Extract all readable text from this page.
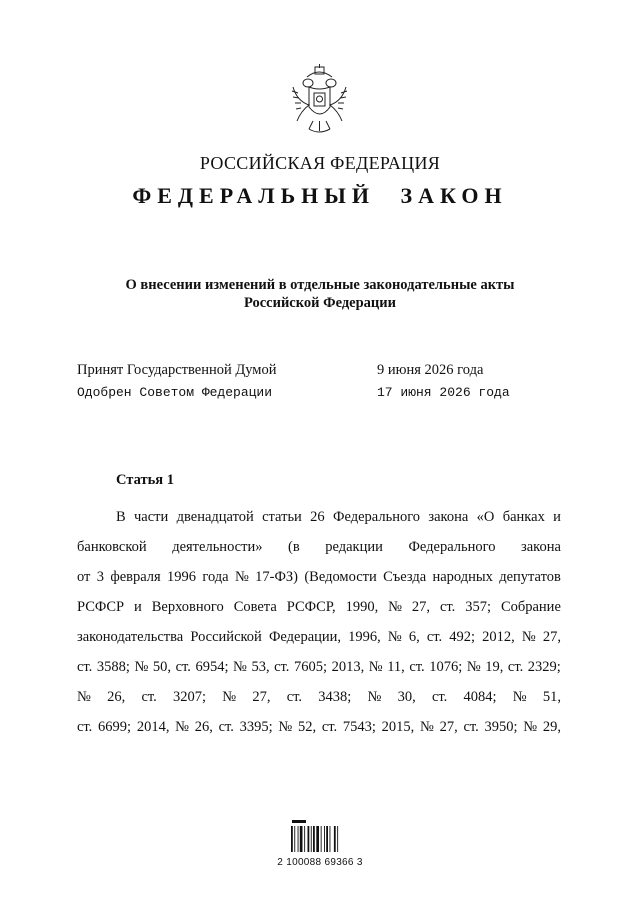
РОССИЙСКАЯ ФЕДЕРАЦИЯ
ФЕДЕРАЛЬНЫЙ ЗАКОН
О внесении изменений в отдельные законодательные акты
Российской Федерации
Принят Государственной Думой	9 июня 2026 года
Одобрен Советом Федерации	17 июня 2026 года
Статья 1
В части двенадцатой статьи 26 Федерального закона «О банках и
банковской деятельности» (в редакции Федерального закона
от 3 февраля 1996 года № 17-ФЗ) (Ведомости Съезда народных депутатов
РСФСР и Верховного Совета РСФСР, 1990, № 27, ст. 357; Собрание
законодательства Российской Федерации, 1996, № 6, ст. 492; 2012, № 27,
ст. 3588; № 50, ст. 6954; № 53, ст. 7605; 2013, № 11, ст. 1076; № 19, ст. 2329;
№ 26, ст. 3207; № 27, ст. 3438; № 30, ст. 4084; № 51,
ст. 6699; 2014, № 26, ст. 3395; № 52, ст. 7543; 2015, № 27, ст. 3950; № 29,
2 100088 69366 3
